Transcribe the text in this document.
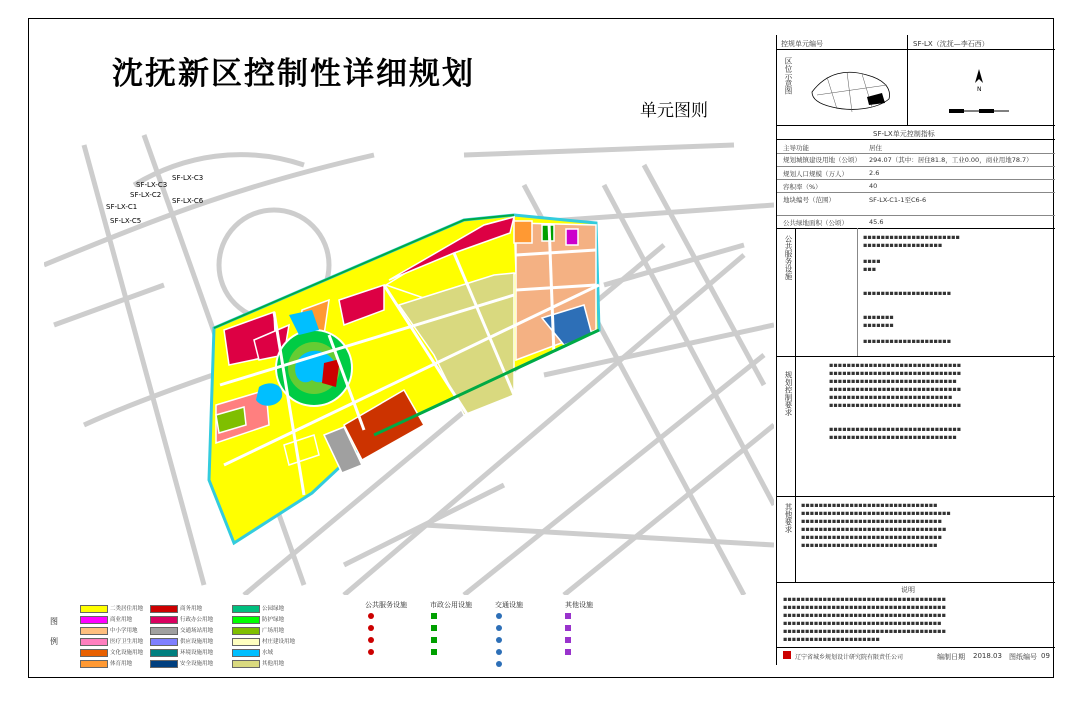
沈抚新区控制性详细规划
单元图则
SF-LX-C3
SF-LX-C3
SF-LX-C2
SF-LX-C1
SF-LX-C6
SF-LX-C5
控规单元编号	SF-LX（沈抚—李石西）
区位示意图	N
SF-LX单元控制指标
主导功能	居住
规划城镇建设用地（公顷） 294.07（其中：居住81.8，工业0.00，商业用地78.7）
规划人口规模（万人）	2.6
容积率（%）	40
地块编号（范围）	SF-LX-C1-1至C6-6
公共绿地面积（公顷）	45.6
公共服务设施	▪▪▪▪▪▪▪▪▪▪▪▪▪▪▪▪▪▪▪▪▪▪
▪▪▪▪▪▪▪▪▪▪▪▪▪▪▪▪▪▪

▪▪▪▪
▪▪▪

▪▪▪▪▪▪▪▪▪▪▪▪▪▪▪▪▪▪▪▪

▪▪▪▪▪▪▪
▪▪▪▪▪▪▪

▪▪▪▪▪▪▪▪▪▪▪▪▪▪▪▪▪▪▪▪
规划控制要求
▪▪▪▪▪▪▪▪▪▪▪▪▪▪▪▪▪▪▪▪▪▪▪▪▪▪▪▪▪▪
▪▪▪▪▪▪▪▪▪▪▪▪▪▪▪▪▪▪▪▪▪▪▪▪▪▪▪▪▪▪
▪▪▪▪▪▪▪▪▪▪▪▪▪▪▪▪▪▪▪▪▪▪▪▪▪▪▪▪▪
▪▪▪▪▪▪▪▪▪▪▪▪▪▪▪▪▪▪▪▪▪▪▪▪▪▪▪▪▪▪
▪▪▪▪▪▪▪▪▪▪▪▪▪▪▪▪▪▪▪▪▪▪▪▪▪▪▪▪
▪▪▪▪▪▪▪▪▪▪▪▪▪▪▪▪▪▪▪▪▪▪▪▪▪▪▪▪▪▪

▪▪▪▪▪▪▪▪▪▪▪▪▪▪▪▪▪▪▪▪▪▪▪▪▪▪▪▪▪▪
▪▪▪▪▪▪▪▪▪▪▪▪▪▪▪▪▪▪▪▪▪▪▪▪▪▪▪▪▪
其他要求 ▪▪▪▪▪▪▪▪▪▪▪▪▪▪▪▪▪▪▪▪▪▪▪▪▪▪▪▪▪▪▪
▪▪▪▪▪▪▪▪▪▪▪▪▪▪▪▪▪▪▪▪▪▪▪▪▪▪▪▪▪▪▪▪▪▪
▪▪▪▪▪▪▪▪▪▪▪▪▪▪▪▪▪▪▪▪▪▪▪▪▪▪▪▪▪▪▪▪
▪▪▪▪▪▪▪▪▪▪▪▪▪▪▪▪▪▪▪▪▪▪▪▪▪▪▪▪▪▪▪▪▪
▪▪▪▪▪▪▪▪▪▪▪▪▪▪▪▪▪▪▪▪▪▪▪▪▪▪▪▪▪▪▪▪
▪▪▪▪▪▪▪▪▪▪▪▪▪▪▪▪▪▪▪▪▪▪▪▪▪▪▪▪▪▪▪
说明
▪▪▪▪▪▪▪▪▪▪▪▪▪▪▪▪▪▪▪▪▪▪▪▪▪▪▪▪▪▪▪▪▪▪▪▪▪
▪▪▪▪▪▪▪▪▪▪▪▪▪▪▪▪▪▪▪▪▪▪▪▪▪▪▪▪▪▪▪▪▪▪▪▪▪
▪▪▪▪▪▪▪▪▪▪▪▪▪▪▪▪▪▪▪▪▪▪▪▪▪▪▪▪▪▪▪▪▪▪▪▪▪
▪▪▪▪▪▪▪▪▪▪▪▪▪▪▪▪▪▪▪▪▪▪▪▪▪▪▪▪▪▪▪▪▪▪▪▪
▪▪▪▪▪▪▪▪▪▪▪▪▪▪▪▪▪▪▪▪▪▪▪▪▪▪▪▪▪▪▪▪▪▪▪▪▪
▪▪▪▪▪▪▪▪▪▪▪▪▪▪▪▪▪▪▪▪▪▪
辽宁省城乡规划设计研究院有限责任公司	编制日期 2018.03 图纸编号 09
图
例
二类居住用地
商业用地
中小学用地
医疗卫生用地
文化设施用地
体育用地
商务用地
行政办公用地
交通场站用地
供应设施用地
环境设施用地
安全设施用地
公园绿地
防护绿地
广场用地
村庄建设用地
水域
其他用地
公共服务设施	市政公用设施	交通设施	其他设施
